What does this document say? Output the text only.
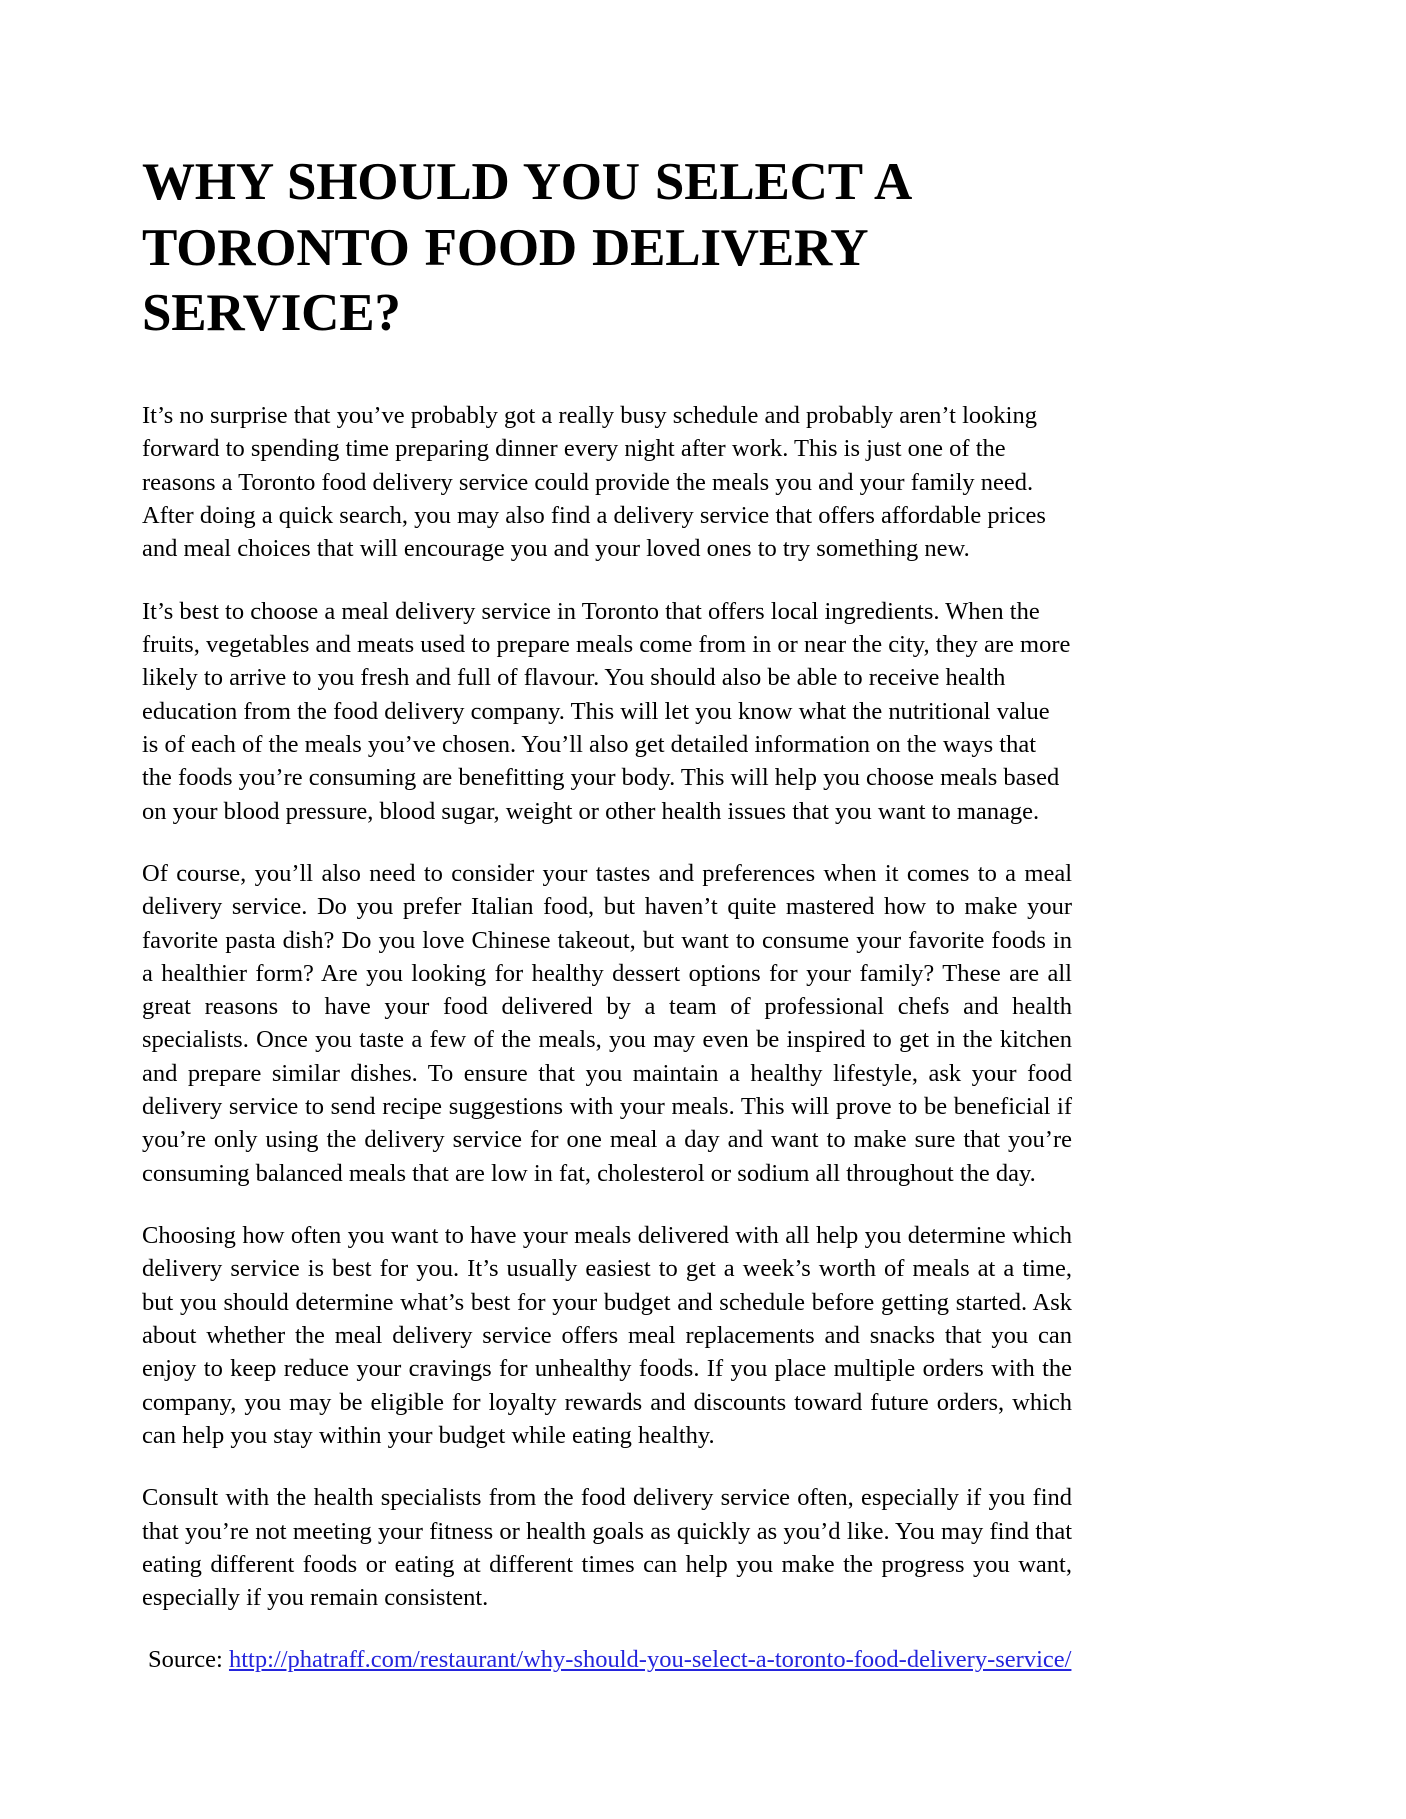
WHY SHOULD YOU SELECT A TORONTO FOOD DELIVERY SERVICE?

It’s no surprise that you’ve probably got a really busy schedule and probably aren’t looking forward to spending time preparing dinner every night after work. This is just one of the reasons a Toronto food delivery service could provide the meals you and your family need. After doing a quick search, you may also find a delivery service that offers affordable prices and meal choices that will encourage you and your loved ones to try something new.

It’s best to choose a meal delivery service in Toronto that offers local ingredients. When the fruits, vegetables and meats used to prepare meals come from in or near the city, they are more likely to arrive to you fresh and full of flavour. You should also be able to receive health education from the food delivery company. This will let you know what the nutritional value is of each of the meals you’ve chosen. You’ll also get detailed information on the ways that the foods you’re consuming are benefitting your body. This will help you choose meals based on your blood pressure, blood sugar, weight or other health issues that you want to manage.

Of course, you’ll also need to consider your tastes and preferences when it comes to a meal delivery service. Do you prefer Italian food, but haven’t quite mastered how to make your favorite pasta dish? Do you love Chinese takeout, but want to consume your favorite foods in a healthier form? Are you looking for healthy dessert options for your family? These are all great reasons to have your food delivered by a team of professional chefs and health specialists. Once you taste a few of the meals, you may even be inspired to get in the kitchen and prepare similar dishes. To ensure that you maintain a healthy lifestyle, ask your food delivery service to send recipe suggestions with your meals. This will prove to be beneficial if you’re only using the delivery service for one meal a day and want to make sure that you’re consuming balanced meals that are low in fat, cholesterol or sodium all throughout the day.

Choosing how often you want to have your meals delivered with all help you determine which delivery service is best for you. It’s usually easiest to get a week’s worth of meals at a time, but you should determine what’s best for your budget and schedule before getting started. Ask about whether the meal delivery service offers meal replacements and snacks that you can enjoy to keep reduce your cravings for unhealthy foods. If you place multiple orders with the company, you may be eligible for loyalty rewards and discounts toward future orders, which can help you stay within your budget while eating healthy.

Consult with the health specialists from the food delivery service often, especially if you find that you’re not meeting your fitness or health goals as quickly as you’d like. You may find that eating different foods or eating at different times can help you make the progress you want, especially if you remain consistent.

Source: http://phatraff.com/restaurant/why-should-you-select-a-toronto-food-delivery-service/
